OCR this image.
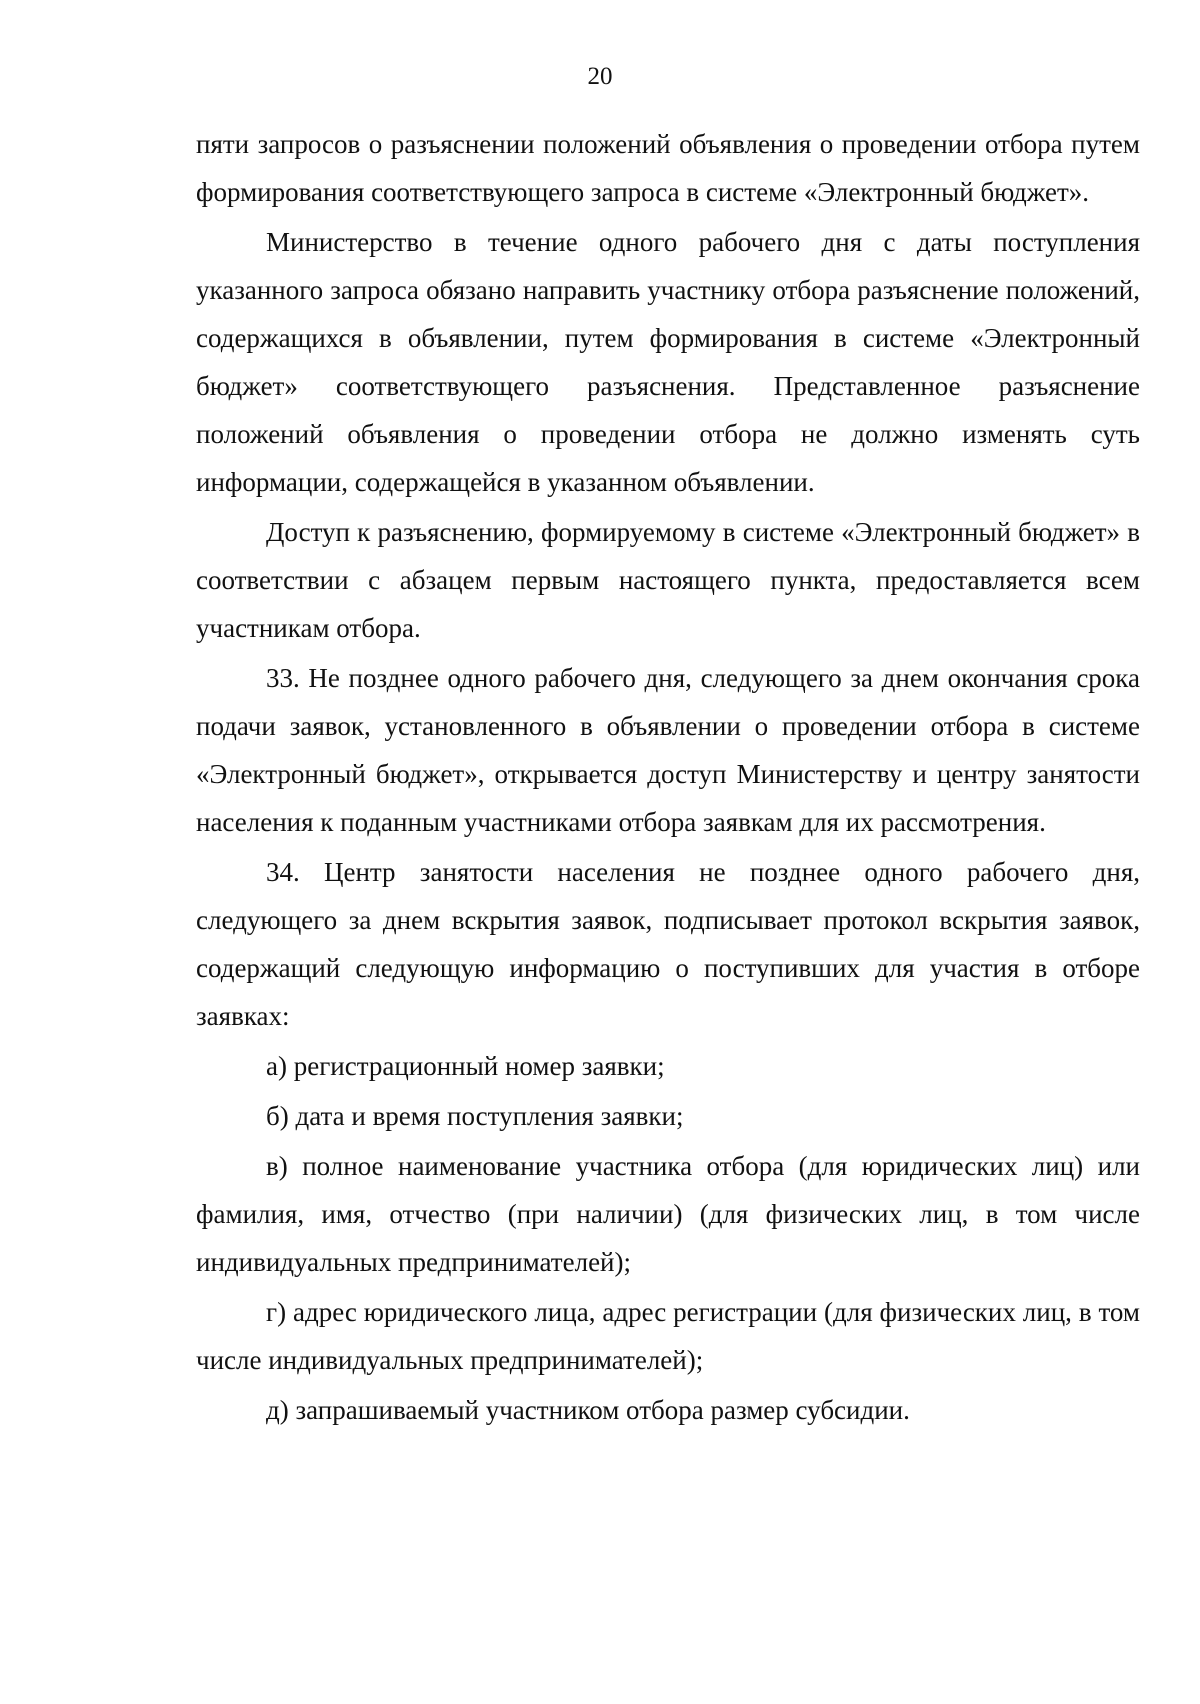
20

пяти запросов о разъяснении положений объявления о проведении отбора путем формирования соответствующего запроса в системе «Электронный бюджет».

Министерство в течение одного рабочего дня с даты поступления указанного запроса обязано направить участнику отбора разъяснение положений, содержащихся в объявлении, путем формирования в системе «Электронный бюджет» соответствующего разъяснения. Представленное разъяснение положений объявления о проведении отбора не должно изменять суть информации, содержащейся в указанном объявлении.

Доступ к разъяснению, формируемому в системе «Электронный бюджет» в соответствии с абзацем первым настоящего пункта, предоставляется всем участникам отбора.

33. Не позднее одного рабочего дня, следующего за днем окончания срока подачи заявок, установленного в объявлении о проведении отбора в системе «Электронный бюджет», открывается доступ Министерству и центру занятости населения к поданным участниками отбора заявкам для их рассмотрения.

34. Центр занятости населения не позднее одного рабочего дня, следующего за днем вскрытия заявок, подписывает протокол вскрытия заявок, содержащий следующую информацию о поступивших для участия в отборе заявках:

а) регистрационный номер заявки;

б) дата и время поступления заявки;

в) полное наименование участника отбора (для юридических лиц) или фамилия, имя, отчество (при наличии) (для физических лиц, в том числе индивидуальных предпринимателей);

г) адрес юридического лица, адрес регистрации (для физических лиц, в том числе индивидуальных предпринимателей);

д) запрашиваемый участником отбора размер субсидии.
